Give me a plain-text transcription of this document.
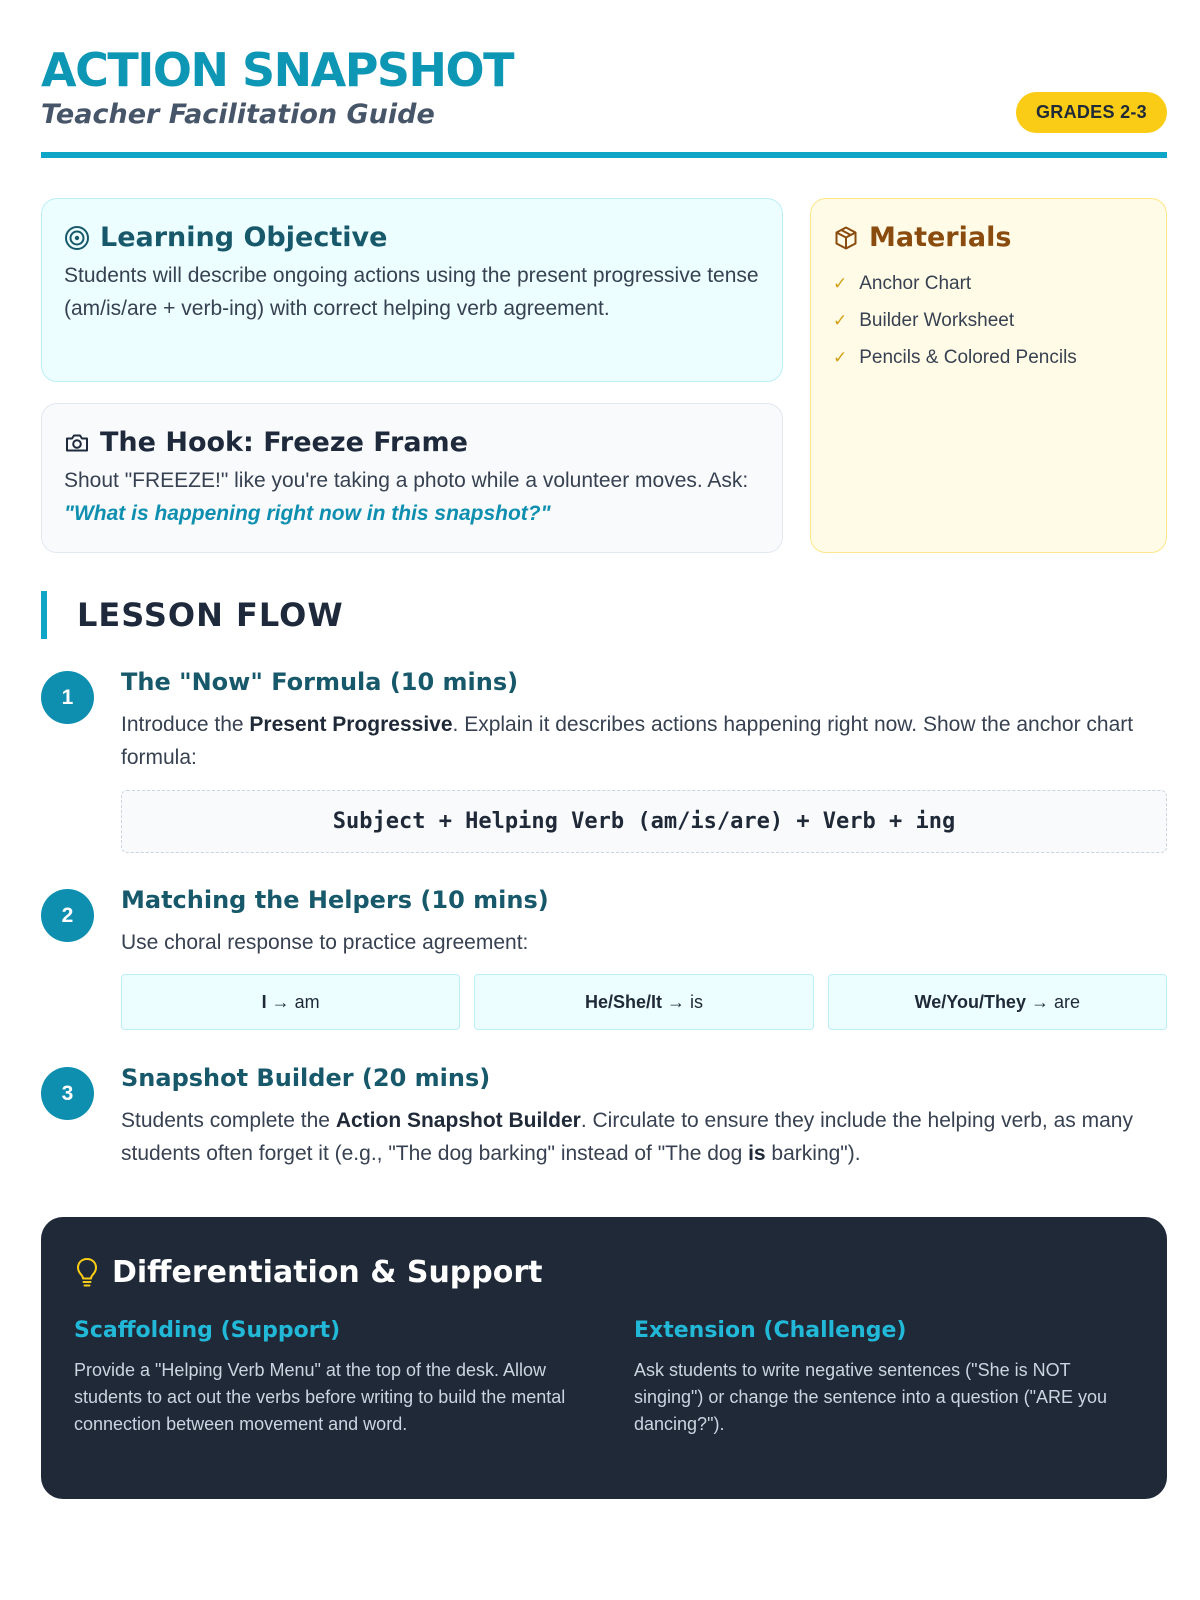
ACTION SNAPSHOT
Teacher Facilitation Guide	GRADES 2-3
Learning Objective
Students will describe ongoing actions using the present progressive tense (am/is/are + verb-ing) with correct helping verb agreement.
The Hook: Freeze Frame
Shout "FREEZE!" like you're taking a photo while a volunteer moves. Ask: "What is happening right now in this snapshot?"
Materials
✓ Anchor Chart
✓ Builder Worksheet
✓ Pencils & Colored Pencils
LESSON FLOW
1
The "Now" Formula (10 mins)
Introduce the Present Progressive. Explain it describes actions happening right now. Show the anchor chart formula:
Subject + Helping Verb (am/is/are) + Verb + ing
2
Matching the Helpers (10 mins)
Use choral response to practice agreement:
I
→ am	He/She/It
→ is	We/You/They
→ are
3
Snapshot Builder (20 mins)
Students complete the Action Snapshot Builder. Circulate to ensure they include the helping verb, as many students often forget it (e.g., "The dog barking" instead of "The dog is barking").
Differentiation & Support
Scaffolding (Support)

Provide a "Helping Verb Menu" at the top of the desk. Allow students to act out the verbs before writing to build the mental connection between movement and word.

Extension (Challenge)

Ask students to write negative sentences ("She is NOT singing") or change the sentence into a question ("ARE you dancing?").
